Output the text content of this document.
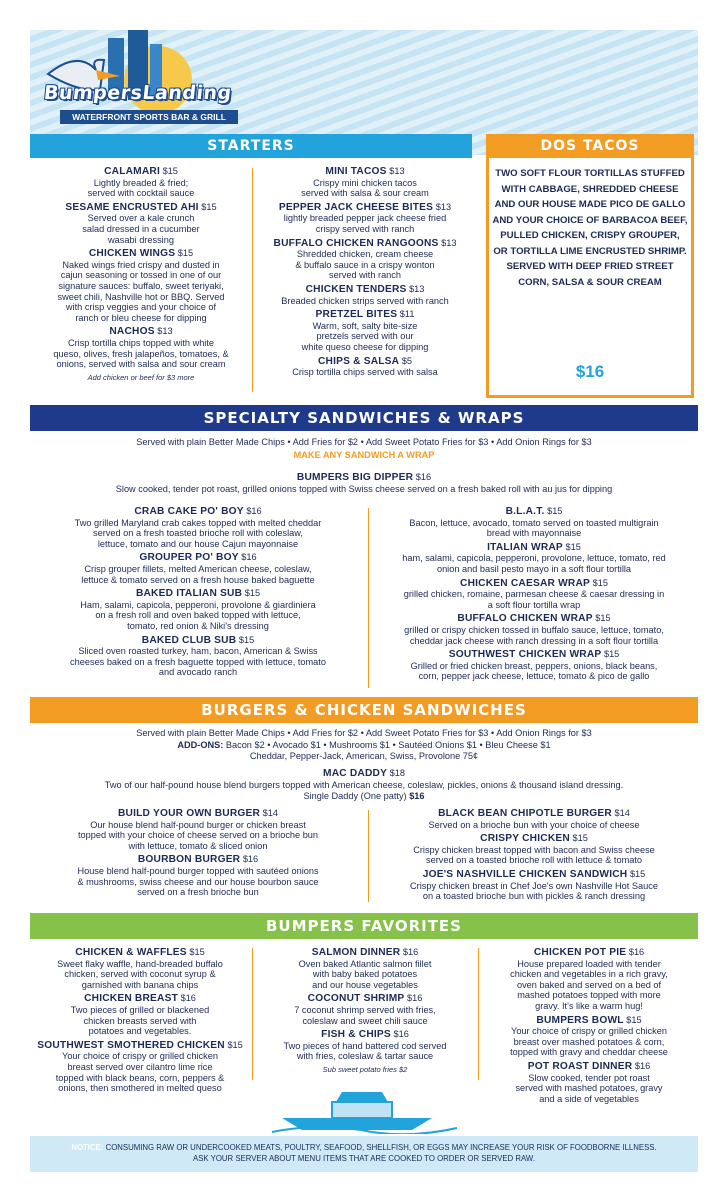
BumpersLanding
WATERFRONT SPORTS BAR & GRILL
STARTERS
CALAMARI $15
Lightly breaded & fried;
served with cocktail sauce
SESAME ENCRUSTED AHI $15
Served over a kale crunch
salad dressed in a cucumber
wasabi dressing
CHICKEN WINGS $15
Naked wings fried crispy and dusted in
cajun seasoning or tossed in one of our
signature sauces: buffalo, sweet teriyaki,
sweet chili, Nashville hot or BBQ. Served
with crisp veggies and your choice of
ranch or bleu cheese for dipping
NACHOS $13
Crisp tortilla chips topped with white
queso, olives, fresh jalapeños, tomatoes, &
onions, served with salsa and sour cream
Add chicken or beef for $3 more
MINI TACOS $13
Crispy mini chicken tacos
served with salsa & sour cream
PEPPER JACK CHEESE BITES $13
lightly breaded pepper jack cheese fried
crispy served with ranch
BUFFALO CHICKEN RANGOONS $13
Shredded chicken, cream cheese
& buffalo sauce in a crispy wonton
served with ranch
CHICKEN TENDERS $13
Breaded chicken strips served with ranch
PRETZEL BITES $11
Warm, soft, salty bite-size
pretzels served with our
white queso cheese for dipping
CHIPS & SALSA $5
Crisp tortilla chips served with salsa
DOS TACOS
TWO SOFT FLOUR TORTILLAS STUFFED WITH CABBAGE, SHREDDED CHEESE AND OUR HOUSE MADE PICO DE GALLO AND YOUR CHOICE OF BARBACOA BEEF, PULLED CHICKEN, CRISPY GROUPER, OR TORTILLA LIME ENCRUSTED SHRIMP. SERVED WITH DEEP FRIED STREET CORN, SALSA & SOUR CREAM
$16
SPECIALTY SANDWICHES & WRAPS
Served with plain Better Made Chips • Add Fries for $2 • Add Sweet Potato Fries for $3 • Add Onion Rings for $3
MAKE ANY SANDWICH A WRAP
BUMPERS BIG DIPPER $16
Slow cooked, tender pot roast, grilled onions topped with Swiss cheese served on a fresh baked roll with au jus for dipping
CRAB CAKE PO' BOY $16
Two grilled Maryland crab cakes topped with melted cheddar
served on a fresh toasted brioche roll with coleslaw,
lettuce, tomato and our house Cajun mayonnaise
GROUPER PO' BOY $16
Crisp grouper fillets, melted American cheese, coleslaw,
lettuce & tomato served on a fresh house baked baguette
BAKED ITALIAN SUB $15
Ham, salami, capicola, pepperoni, provolone & giardiniera
on a fresh roll and oven baked topped with lettuce,
tomato, red onion & Niki's dressing
BAKED CLUB SUB $15
Sliced oven roasted turkey, ham, bacon, American & Swiss
cheeses baked on a fresh baguette topped with lettuce, tomato
and avocado ranch
B.L.A.T. $15
Bacon, lettuce, avocado, tomato served on toasted multigrain
bread with mayonnaise
ITALIAN WRAP $15
ham, salami, capicola, pepperoni, provolone, lettuce, tomato, red
onion and basil pesto mayo in a soft flour tortilla
CHICKEN CAESAR WRAP $15
grilled chicken, romaine, parmesan cheese & caesar dressing in
a soft flour tortilla wrap
BUFFALO CHICKEN WRAP $15
grilled or crispy chicken tossed in buffalo sauce, lettuce, tomato,
cheddar jack cheese with ranch dressing in a soft flour tortilla
SOUTHWEST CHICKEN WRAP $15
Grilled or fried chicken breast, peppers, onions, black beans,
corn, pepper jack cheese, lettuce, tomato & pico de gallo
BURGERS & CHICKEN SANDWICHES
Served with plain Better Made Chips • Add Fries for $2 • Add Sweet Potato Fries for $3 • Add Onion Rings for $3
ADD-ONS: Bacon $2 • Avocado $1 • Mushrooms $1 • Sautéed Onions $1 • Bleu Cheese $1
Cheddar, Pepper-Jack, American, Swiss, Provolone 75¢
MAC DADDY $18
Two of our half-pound house blend burgers topped with American cheese, coleslaw, pickles, onions & thousand island dressing.
Single Daddy (One patty) $16
BUILD YOUR OWN BURGER $14
Our house blend half-pound burger or chicken breast
topped with your choice of cheese served on a brioche bun
with lettuce, tomato & sliced onion
BOURBON BURGER $16
House blend half-pound burger topped with sautéed onions
& mushrooms, swiss cheese and our house bourbon sauce
served on a fresh brioche bun
BLACK BEAN CHIPOTLE BURGER $14
Served on a brioche bun with your choice of cheese
CRISPY CHICKEN $15
Crispy chicken breast topped with bacon and Swiss cheese
served on a toasted brioche roll with lettuce & tomato
JOE'S NASHVILLE CHICKEN SANDWICH $15
Crispy chicken breast in Chef Joe's own Nashville Hot Sauce
on a toasted brioche bun with pickles & ranch dressing
BUMPERS FAVORITES
CHICKEN & WAFFLES $15
Sweet flaky waffle, hand-breaded buffalo
chicken, served with coconut syrup &
garnished with banana chips
CHICKEN BREAST $16
Two pieces of grilled or blackened
chicken breasts served with
potatoes and vegetables.
SOUTHWEST SMOTHERED CHICKEN $15
Your choice of crispy or grilled chicken
breast served over cilantro lime rice
topped with black beans, corn, peppers &
onions, then smothered in melted queso
SALMON DINNER $16
Oven baked Atlantic salmon fillet
with baby baked potatoes
and our house vegetables
COCONUT SHRIMP $16
7 coconut shrimp served with fries,
coleslaw and sweet chili sauce
FISH & CHIPS $16
Two pieces of hand battered cod served
with fries, coleslaw & tartar sauce
Sub sweet potato fries $2
CHICKEN POT PIE $16
House prepared loaded with tender
chicken and vegetables in a rich gravy,
oven baked and served on a bed of
mashed potatoes topped with more
gravy. It's like a warm hug!
BUMPERS BOWL $15
Your choice of crispy or grilled chicken
breast over mashed potatoes & corn,
topped with gravy and cheddar cheese
POT ROAST DINNER $16
Slow cooked, tender pot roast
served with mashed potatoes, gravy
and a side of vegetables
NOTICE: CONSUMING RAW OR UNDERCOOKED MEATS, POULTRY, SEAFOOD, SHELLFISH, OR EGGS MAY INCREASE YOUR RISK OF FOODBORNE ILLNESS.
ASK YOUR SERVER ABOUT MENU ITEMS THAT ARE COOKED TO ORDER OR SERVED RAW.
